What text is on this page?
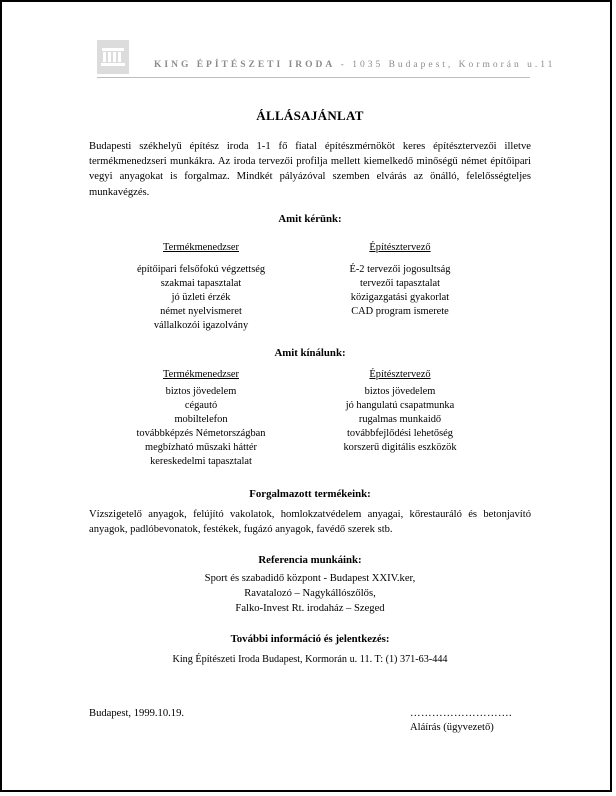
KING ÉPÍTÉSZETI IRODA - 1035 Budapest, Kormorán u.11
ÁLLÁSAJÁNLAT

Budapesti székhelyű építész iroda 1-1 fő fiatal építészmérnököt keres építésztervezői illetve termékmenedzseri munkákra. Az iroda tervezői profilja mellett kiemelkedő minőségű német építőipari vegyi anyagokat is forgalmaz. Mindkét pályázóval szemben elvárás az önálló, felelősségteljes munkavégzés.

Amit kérünk:
Termékmenedzser
építőipari felsőfokú végzettség
szakmai tapasztalat
jó üzleti érzék
német nyelvismeret
vállalkozói igazolvány
Építésztervező
É-2 tervezői jogosultság
tervezői tapasztalat
közigazgatási gyakorlat
CAD program ismerete
Amit kínálunk:
Termékmenedzser
biztos jövedelem
cégautó
mobiltelefon
továbbképzés Németországban
megbízható műszaki háttér
kereskedelmi tapasztalat
Építésztervező
biztos jövedelem
jó hangulatú csapatmunka
rugalmas munkaidő
továbbfejlődési lehetőség
korszerű digitális eszközök
Forgalmazott termékeink:

Vízszigetelő anyagok, felújító vakolatok, homlokzatvédelem anyagai, kőrestauráló és betonjavító anyagok, padlóbevonatok, festékek, fugázó anyagok, favédő szerek stb.

Referencia munkáink:
Sport és szabadidő központ - Budapest XXIV.ker,
Ravatalozó – Nagykállószőlős,
Falko-Invest Rt. irodaház – Szeged
További információ és jelentkezés:
King Építészeti Iroda Budapest, Kormorán u. 11. T: (1) 371-63-444
Budapest, 1999.10.19.	……………………….
Aláírás (ügyvezető)
